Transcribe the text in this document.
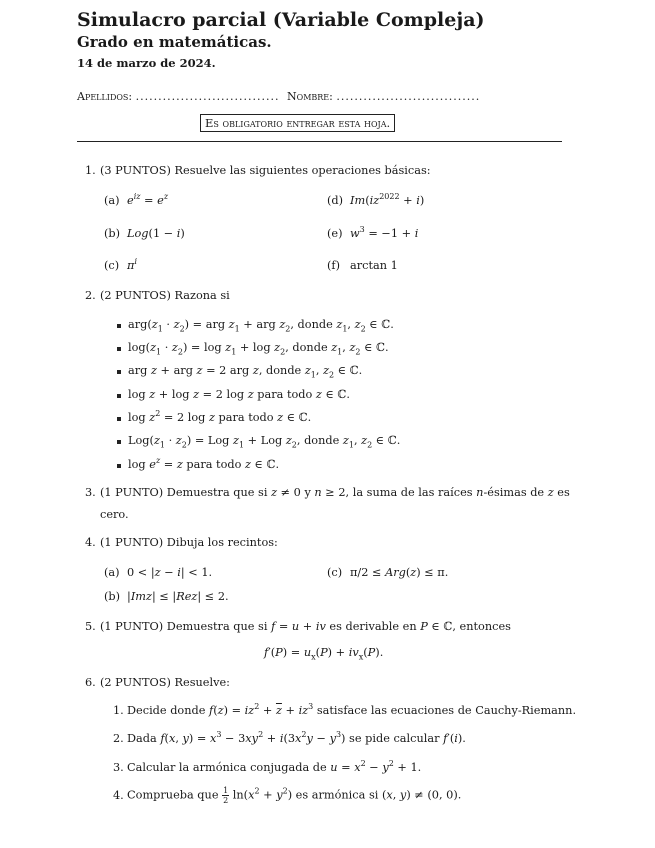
Simulacro parcial (Variable Compleja)
Grado en matemáticas.
14 de marzo de 2024.
Apellidos: ................................ Nombre: ................................
Es obligatorio entregar esta hoja.
1. (3 PUNTOS) Resuelve las siguientes operaciones básicas:
(a) $e^{iz} = e^z$
(b) Log(1 − i)
(c) $\pi^i$
(d) $Im(iz^{2022} + i)$
(e) $w^3 = -1 + i$
(f) arctan 1
2. (2 PUNTOS) Razona si
$arg(z_1 \cdot z_2)$ = arg $z_1$ + arg $z_2$, donde $z_1$, $z_2$ ∈ ℂ.
$\log(z_1 \cdot z_2) = \log z_1 + \log z_2$, donde $z_1$, $z_2$ ∈ ℂ.
arg z + arg z = 2 arg z, donde $z_1$, $z_2$ ∈ ℂ.
log z + log z = 2 log z para todo z ∈ ℂ.
$\log z^2 = 2$ log z para todo z ∈ ℂ.
$Log(z_1 \cdot z_2)$ = Log $z_1$ + Log $z_2$, donde $z_1$, $z_2$ ∈ ℂ.
$\log e^z = z$ para todo z ∈ ℂ.
3. (1 PUNTO) Demuestra que si z ≠ 0 y n ≥ 2, la suma de las raíces n-ésimas de z es
cero.
4. (1 PUNTO) Dibuja los recintos:
(a) 0 < |z − i| < 1.
(b) |Imz| ≤ |Rez| ≤ 2.
(c) π/2 ≤ Arg(z) ≤ π.
5. (1 PUNTO) Demuestra que si f = u + iv es derivable en P ∈ ℂ, entonces
$f'(P) = u_x(P) + iv_x(P)$.
6. (2 PUNTOS) Resuelve:
1. Decide donde $f(z) = iz^2 + \overline{z} + iz^3$ satisface las ecuaciones de Cauchy-Riemann.
2. Dada f(x, $y) = x^3 - 3xy^2 + i(3x^2y - y^3)$ se pide calcular f′(i).
3. Calcular la armónica conjugada de $u = x^2 - y^2 + 1$.
4. Comprueba que $\frac{1}{2} \ln(x^2 + y^2)$ es armónica si (x, y) ≠ (0, 0).
